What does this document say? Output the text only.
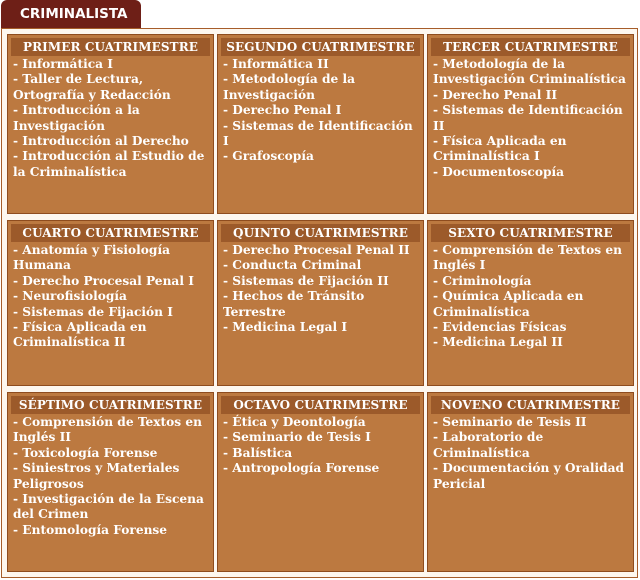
CRIMINALISTA
PRIMER CUATRIMESTRE
- Informática I
- Taller de Lectura, Ortografía y Redacción
- Introducción a la Investigación
- Introducción al Derecho
- Introducción al Estudio de la Criminalística
SEGUNDO CUATRIMESTRE
- Informática II
- Metodología de la Investigación
- Derecho Penal I
- Sistemas de Identificación I
- Grafoscopía
TERCER CUATRIMESTRE
- Metodología de la Investigación Criminalística
- Derecho Penal II
- Sistemas de Identificación II
- Física Aplicada en Criminalística I
- Documentoscopía
CUARTO CUATRIMESTRE
- Anatomía y Fisiología Humana
- Derecho Procesal Penal I
- Neurofisiología
- Sistemas de Fijación I
- Física Aplicada en Criminalística II
QUINTO CUATRIMESTRE
- Derecho Procesal Penal II
- Conducta Criminal
- Sistemas de Fijación II
- Hechos de Tránsito Terrestre
- Medicina Legal I
SEXTO CUATRIMESTRE
- Comprensión de Textos en Inglés I
- Criminología
- Química Aplicada en Criminalística
- Evidencias Físicas
- Medicina Legal II
SÉPTIMO CUATRIMESTRE
- Comprensión de Textos en Inglés II
- Toxicología Forense
- Siniestros y Materiales Peligrosos
- Investigación de la Escena del Crimen
- Entomología Forense
OCTAVO CUATRIMESTRE
- Ética y Deontología
- Seminario de Tesis I
- Balística
- Antropología Forense
NOVENO CUATRIMESTRE
- Seminario de Tesis II
- Laboratorio de Criminalística
- Documentación y Oralidad Pericial
